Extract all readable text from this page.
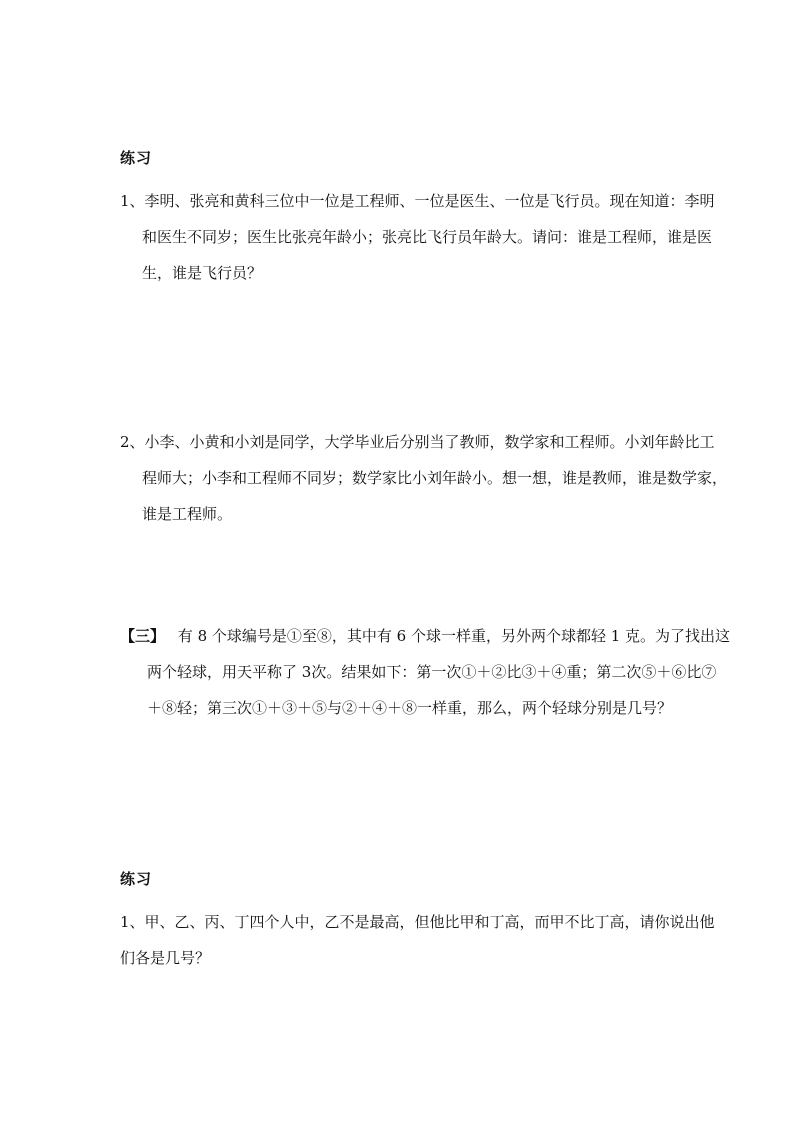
练习
1、李明、张亮和黄科三位中一位是工程师、一位是医生、一位是飞行员。现在知道：李明
和医生不同岁；医生比张亮年龄小；张亮比飞行员年龄大。请问：谁是工程师，谁是医
生，谁是飞行员？
2、小李、小黄和小刘是同学，大学毕业后分别当了教师，数学家和工程师。小刘年龄比工
程师大；小李和工程师不同岁；数学家比小刘年龄小。想一想，谁是教师，谁是数学家，
谁是工程师。
【三】 有 8 个球编号是①至⑧，其中有 6 个球一样重，另外两个球都轻 1 克。为了找出这
两个轻球，用天平称了 3次。结果如下：第一次①＋②比③＋④重；第二次⑤＋⑥比⑦
＋⑧轻；第三次①＋③＋⑤与②＋④＋⑧一样重，那么，两个轻球分别是几号？
练习
1、甲、乙、丙、丁四个人中，乙不是最高，但他比甲和丁高，而甲不比丁高，请你说出他
们各是几号？
